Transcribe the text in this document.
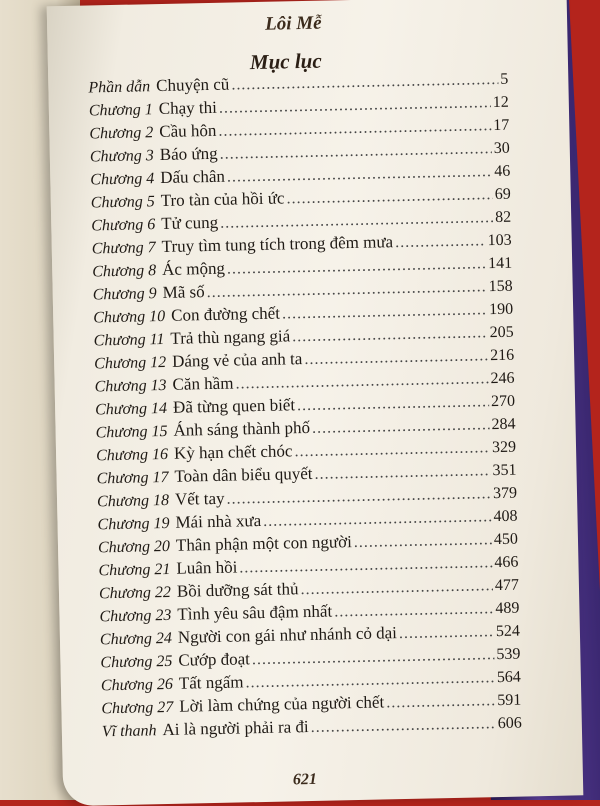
Lôi Mễ
Mục lục
Phần dẫn Chuyện cũ .....	5
Chương 1 Chạy thi .....	12
Chương 2 Cầu hôn .....	17
Chương 3 Báo ứng .....	30
Chương 4 Dấu chân .....	46
Chương 5 Tro tàn của hồi ức .....	69
Chương 6 Tử cung .....	82
Chương 7 Truy tìm tung tích trong đêm mưa .....	103
Chương 8 Ác mộng .....	141
Chương 9 Mã số .....	158
Chương 10 Con đường chết .....	190
Chương 11 Trả thù ngang giá .....	205
Chương 12 Dáng vẻ của anh ta .....	216
Chương 13 Căn hầm .....	246
Chương 14 Đã từng quen biết .....	270
Chương 15 Ánh sáng thành phố .....	284
Chương 16 Kỳ hạn chết chóc .....	329
Chương 17 Toàn dân biểu quyết .....	351
Chương 18 Vết tay .....	379
Chương 19 Mái nhà xưa .....	408
Chương 20 Thân phận một con người .....	450
Chương 21 Luân hồi .....	466
Chương 22 Bồi dưỡng sát thủ .....	477
Chương 23 Tình yêu sâu đậm nhất .....	489
Chương 24 Người con gái như nhánh cỏ dại .....	524
Chương 25 Cướp đoạt .....	539
Chương 26 Tất ngấm .....	564
Chương 27 Lời làm chứng của người chết .....	591
Vĩ thanh Ai là người phải ra đi .....	606
621
